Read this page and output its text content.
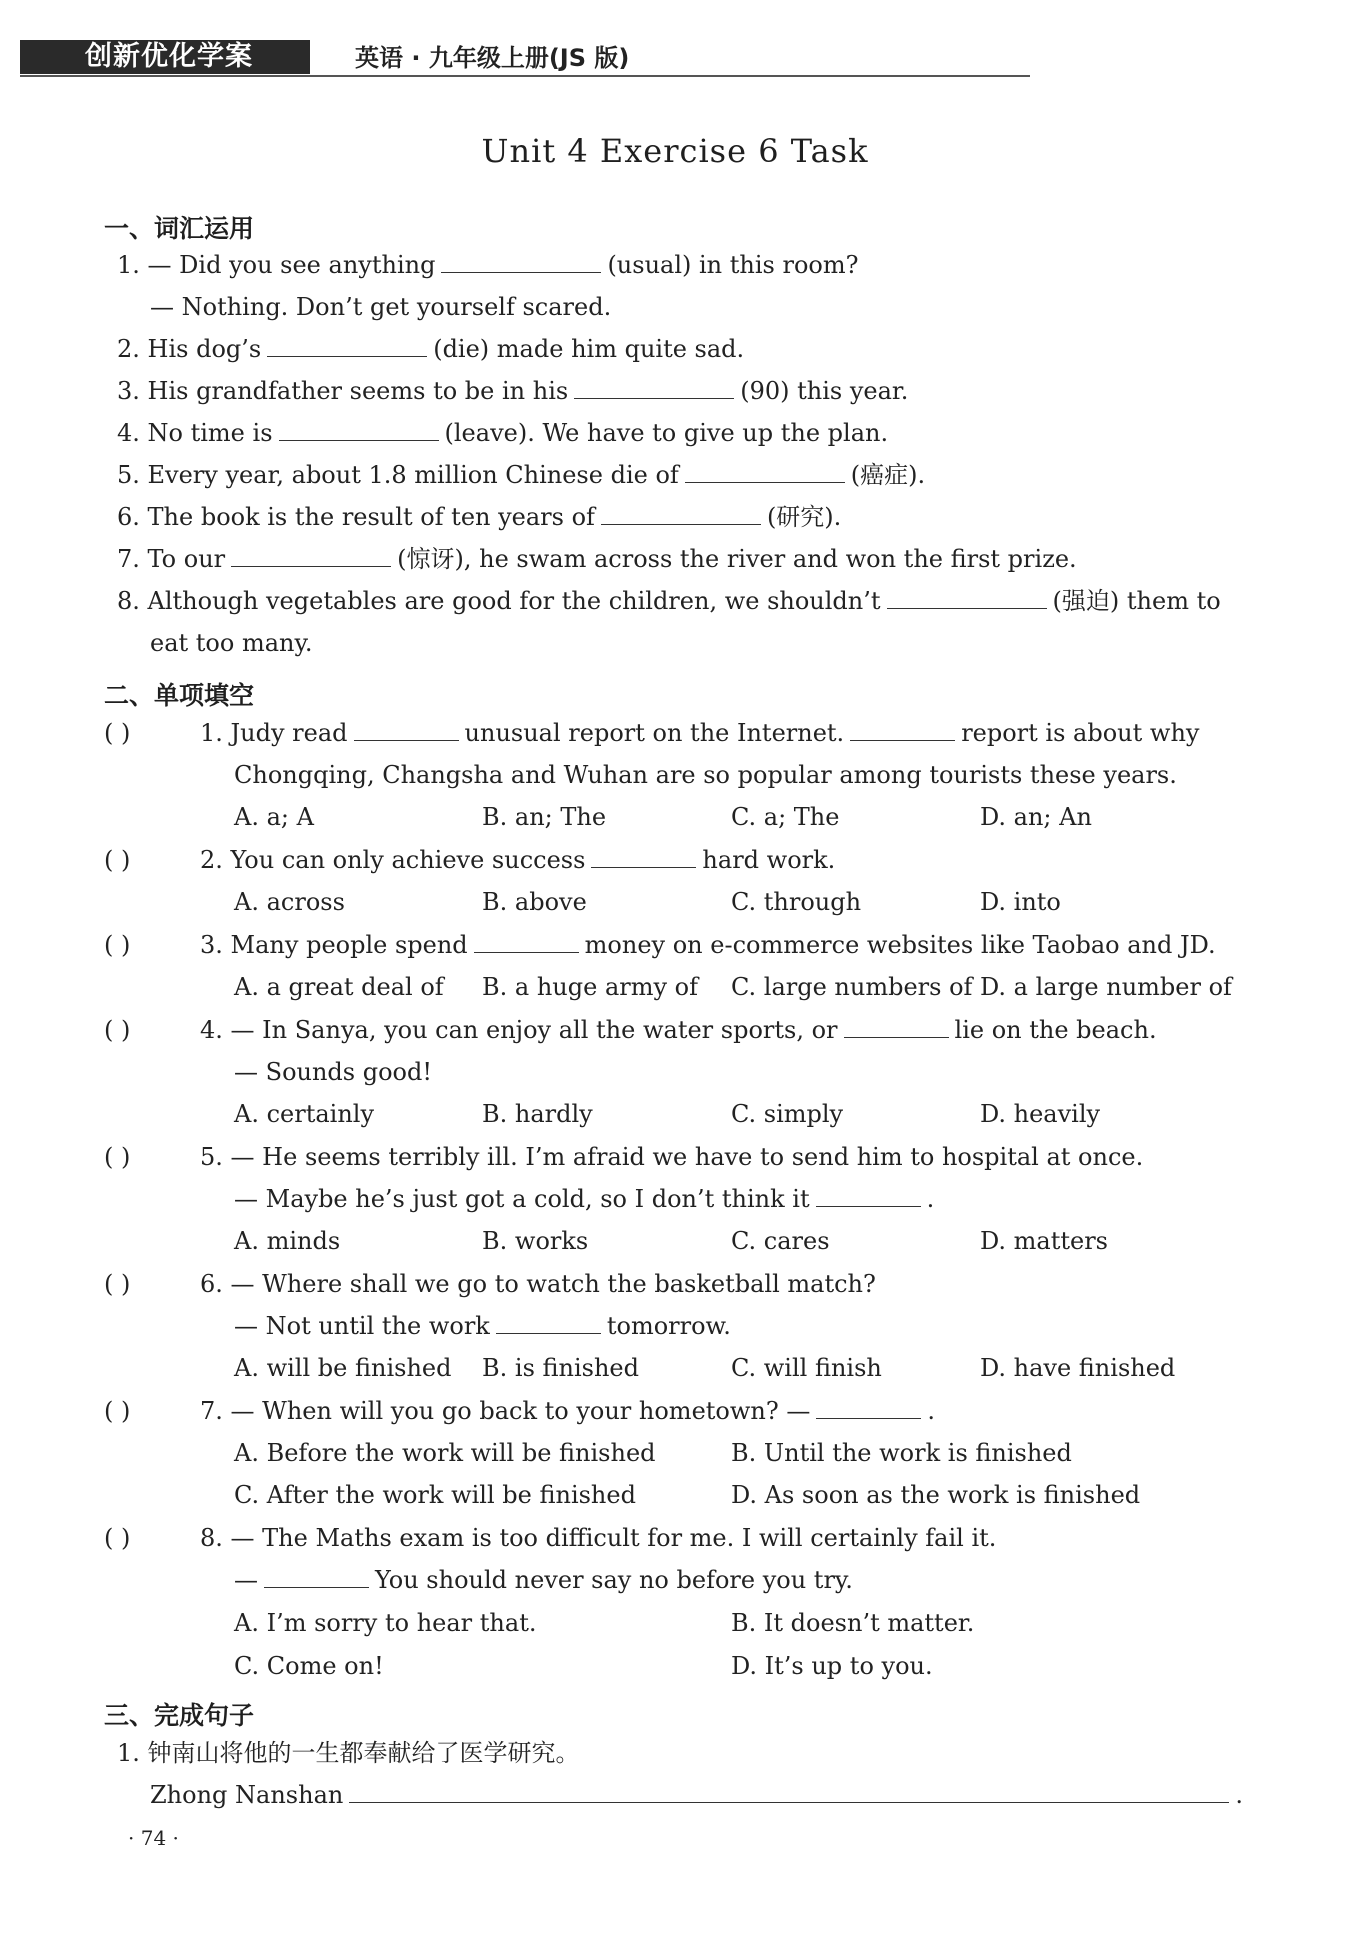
创新优化学案	英语 · 九年级上册(JS 版)
Unit 4 Exercise 6 Task
一、词汇运用
1. — Did you see anything	(usual) in this room?
— Nothing. Don’t get yourself scared.
2. His dog’s	(die) made him quite sad.
3. His grandfather seems to be in his	(90) this year.
4. No time is	(leave). We have to give up the plan.
5. Every year, about 1.8 million Chinese die of	(癌症).
6. The book is the result of ten years of	(研究).
7. To our	(惊讶), he swam across the river and won the first prize.
8. Although vegetables are good for the children, we shouldn’t	(强迫) them to
eat too many.
二、单项填空
( )	1. Judy read	unusual report on the Internet.	report is about why
Chongqing, Changsha and Wuhan are so popular among tourists these years.
A. a; A	B. an; The	C. a; The	D. an; An
( )	2. You can only achieve success	hard work.
A. across	B. above	C. through	D. into
( )	3. Many people spend	money on e-commerce websites like Taobao and JD.
A. a great deal of B. a huge army of C. large numbers of D. a large number of
( )	4. — In Sanya, you can enjoy all the water sports, or	lie on the beach.
— Sounds good!
A. certainly	B. hardly	C. simply	D. heavily
( )	5. — He seems terribly ill. I’m afraid we have to send him to hospital at once.
— Maybe he’s just got a cold, so I don’t think it	.
A. minds	B. works	C. cares	D. matters
( )	6. — Where shall we go to watch the basketball match?
— Not until the work	tomorrow.
A. will be finished B. is finished	C. will finish	D. have finished
( )	7. — When will you go back to your hometown? —	.
A. Before the work will be finished	B. Until the work is finished
C. After the work will be finished	D. As soon as the work is finished
( )	8. — The Maths exam is too difficult for me. I will certainly fail it.
—	You should never say no before you try.
A. I’m sorry to hear that.	B. It doesn’t matter.
C. Come on!	D. It’s up to you.
三、完成句子
1. 钟南山将他的一生都奉献给了医学研究。
Zhong Nanshan	.
· 74 ·
